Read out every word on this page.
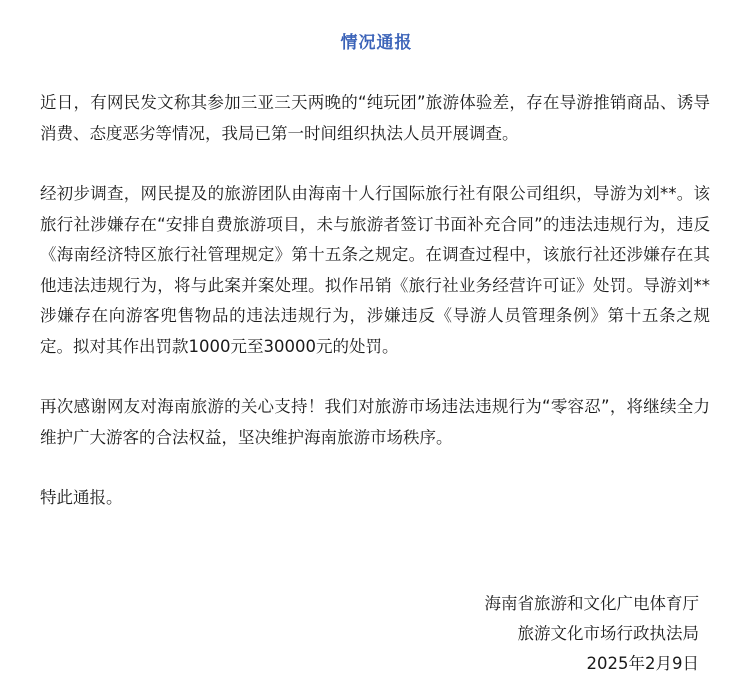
情况通报

近日，有网民发文称其参加三亚三天两晚的“纯玩团”旅游体验差，存在导游推销商品、诱导消费、态度恶劣等情况，我局已第一时间组织执法人员开展调查。

经初步调查，网民提及的旅游团队由海南十人行国际旅行社有限公司组织，导游为刘**。该旅行社涉嫌存在“安排自费旅游项目，未与旅游者签订书面补充合同”的违法违规行为，违反《海南经济特区旅行社管理规定》第十五条之规定。在调查过程中，该旅行社还涉嫌存在其他违法违规行为，将与此案并案处理。拟作吊销《旅行社业务经营许可证》处罚。导游刘**涉嫌存在向游客兜售物品的违法违规行为，涉嫌违反《导游人员管理条例》第十五条之规定。拟对其作出罚款1000元至30000元的处罚。

再次感谢网友对海南旅游的关心支持！我们对旅游市场违法违规行为“零容忍”，将继续全力维护广大游客的合法权益，坚决维护海南旅游市场秩序。

特此通报。

海南省旅游和文化广电体育厅
旅游文化市场行政执法局
2025年2月9日
